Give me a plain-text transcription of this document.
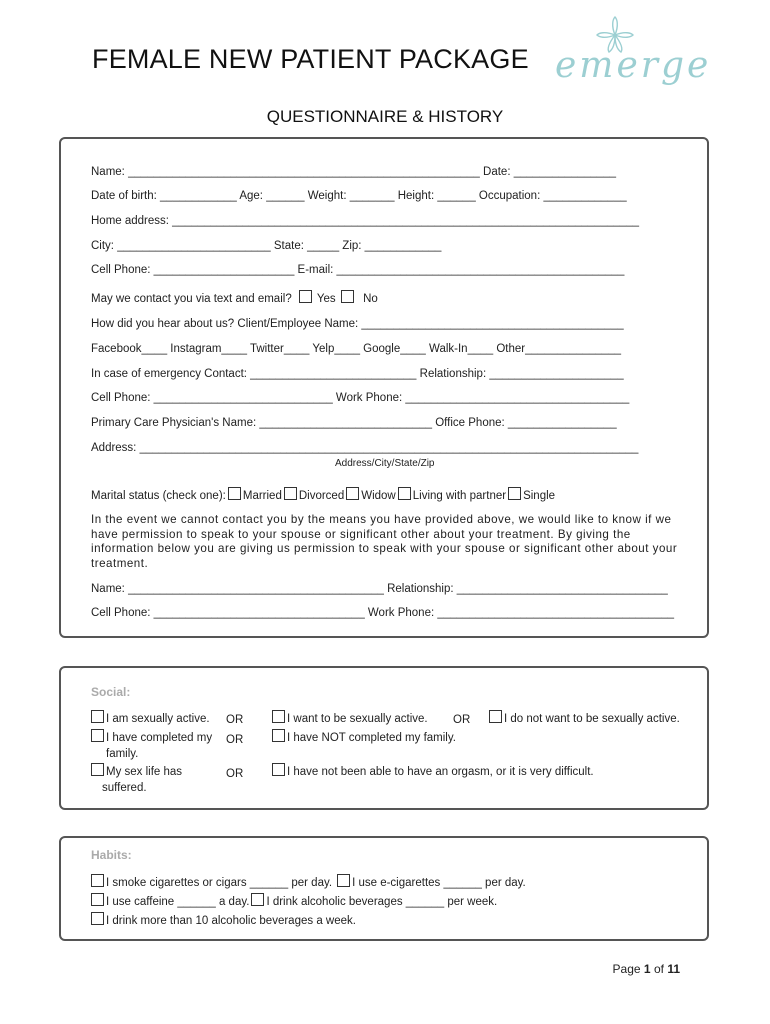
FEMALE NEW PATIENT PACKAGE
QUESTIONNAIRE & HISTORY
emerge
Name: _______________________________________________________ Date: ________________
Date of birth: ____________ Age: ______ Weight: _______ Height: ______ Occupation: _____________
Home address: _________________________________________________________________________
City: ________________________ State: _____ Zip: ____________
Cell Phone: ______________________ E-mail: _____________________________________________
May we contact you via text and email? Yes No
How did you hear about us? Client/Employee Name: _________________________________________
Facebook____ Instagram____ Twitter____ Yelp____ Google____ Walk-In____ Other_______________
In case of emergency Contact: __________________________ Relationship: _____________________
Cell Phone: ____________________________ Work Phone: ___________________________________
Primary Care Physician's Name: ___________________________ Office Phone: _________________
Address: ______________________________________________________________________________
Address/City/State/Zip
Marital status (check one): Married Divorced Widow Living with partner Single
In the event we cannot contact you by the means you have provided above, we would like to know if we have permission to speak to your spouse or significant other about your treatment. By giving the information below you are giving us permission to speak with your spouse or significant other about your treatment.
Name: ________________________________________ Relationship: _________________________________
Cell Phone: _________________________________ Work Phone: _____________________________________
Social:
I am sexually active. OR	I want to be sexually active. OR	I do not want to be sexually active.
I have completed my
family.
OR	I have NOT completed my family.
My sex life has
suffered.
OR	I have not been able to have an orgasm, or it is very difficult.
Habits:
I smoke cigarettes or cigars ______ per day. I use e-cigarettes ______ per day.
I use caffeine ______ a day. I drink alcoholic beverages ______ per week.
I drink more than 10 alcoholic beverages a week.
Page 1 of 11
